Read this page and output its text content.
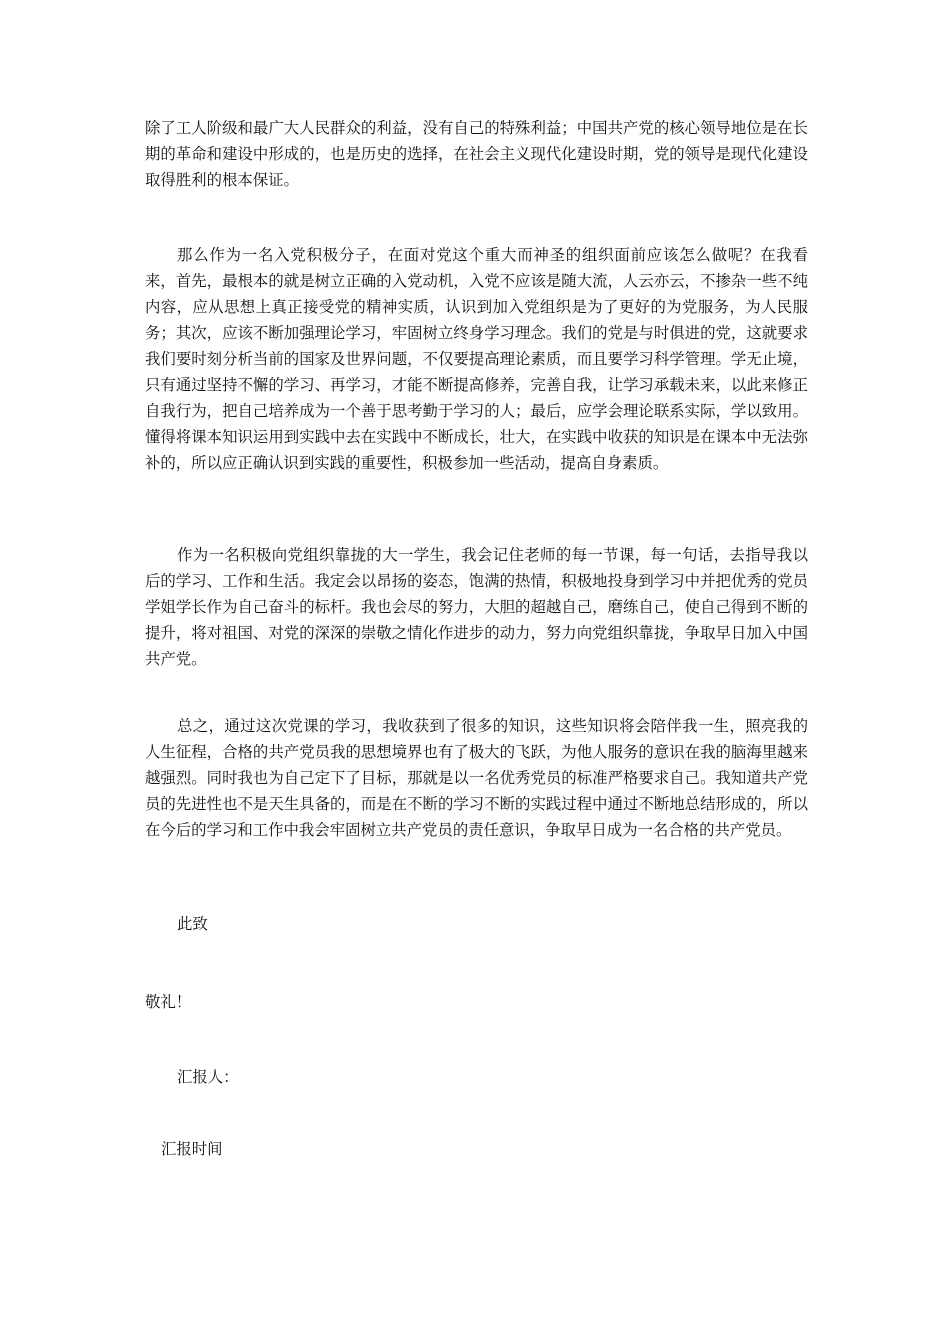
除了工人阶级和最广大人民群众的利益，没有自己的特殊利益；中国共产党的核心领导地位是在长期的革命和建设中形成的，也是历史的选择，在社会主义现代化建设时期，党的领导是现代化建设取得胜利的根本保证。

那么作为一名入党积极分子，在面对党这个重大而神圣的组织面前应该怎么做呢？在我看来，首先，最根本的就是树立正确的入党动机，入党不应该是随大流，人云亦云，不掺杂一些不纯内容，应从思想上真正接受党的精神实质，认识到加入党组织是为了更好的为党服务，为人民服务；其次，应该不断加强理论学习，牢固树立终身学习理念。我们的党是与时俱进的党，这就要求我们要时刻分析当前的国家及世界问题，不仅要提高理论素质，而且要学习科学管理。学无止境，只有通过坚持不懈的学习、再学习，才能不断提高修养，完善自我，让学习承载未来，以此来修正自我行为，把自己培养成为一个善于思考勤于学习的人；最后，应学会理论联系实际，学以致用。懂得将课本知识运用到实践中去在实践中不断成长，壮大，在实践中收获的知识是在课本中无法弥补的，所以应正确认识到实践的重要性，积极参加一些活动，提高自身素质。

作为一名积极向党组织靠拢的大一学生，我会记住老师的每一节课，每一句话，去指导我以后的学习、工作和生活。我定会以昂扬的姿态，饱满的热情，积极地投身到学习中并把优秀的党员学姐学长作为自己奋斗的标杆。我也会尽的努力，大胆的超越自己，磨练自己，使自己得到不断的提升，将对祖国、对党的深深的崇敬之情化作进步的动力，努力向党组织靠拢，争取早日加入中国共产党。

总之，通过这次党课的学习，我收获到了很多的知识，这些知识将会陪伴我一生，照亮我的人生征程，合格的共产党员我的思想境界也有了极大的飞跃，为他人服务的意识在我的脑海里越来越强烈。同时我也为自己定下了目标，那就是以一名优秀党员的标准严格要求自己。我知道共产党员的先进性也不是天生具备的，而是在不断的学习不断的实践过程中通过不断地总结形成的，所以在今后的学习和工作中我会牢固树立共产党员的责任意识，争取早日成为一名合格的共产党员。

此致

敬礼！

汇报人：

汇报时间
